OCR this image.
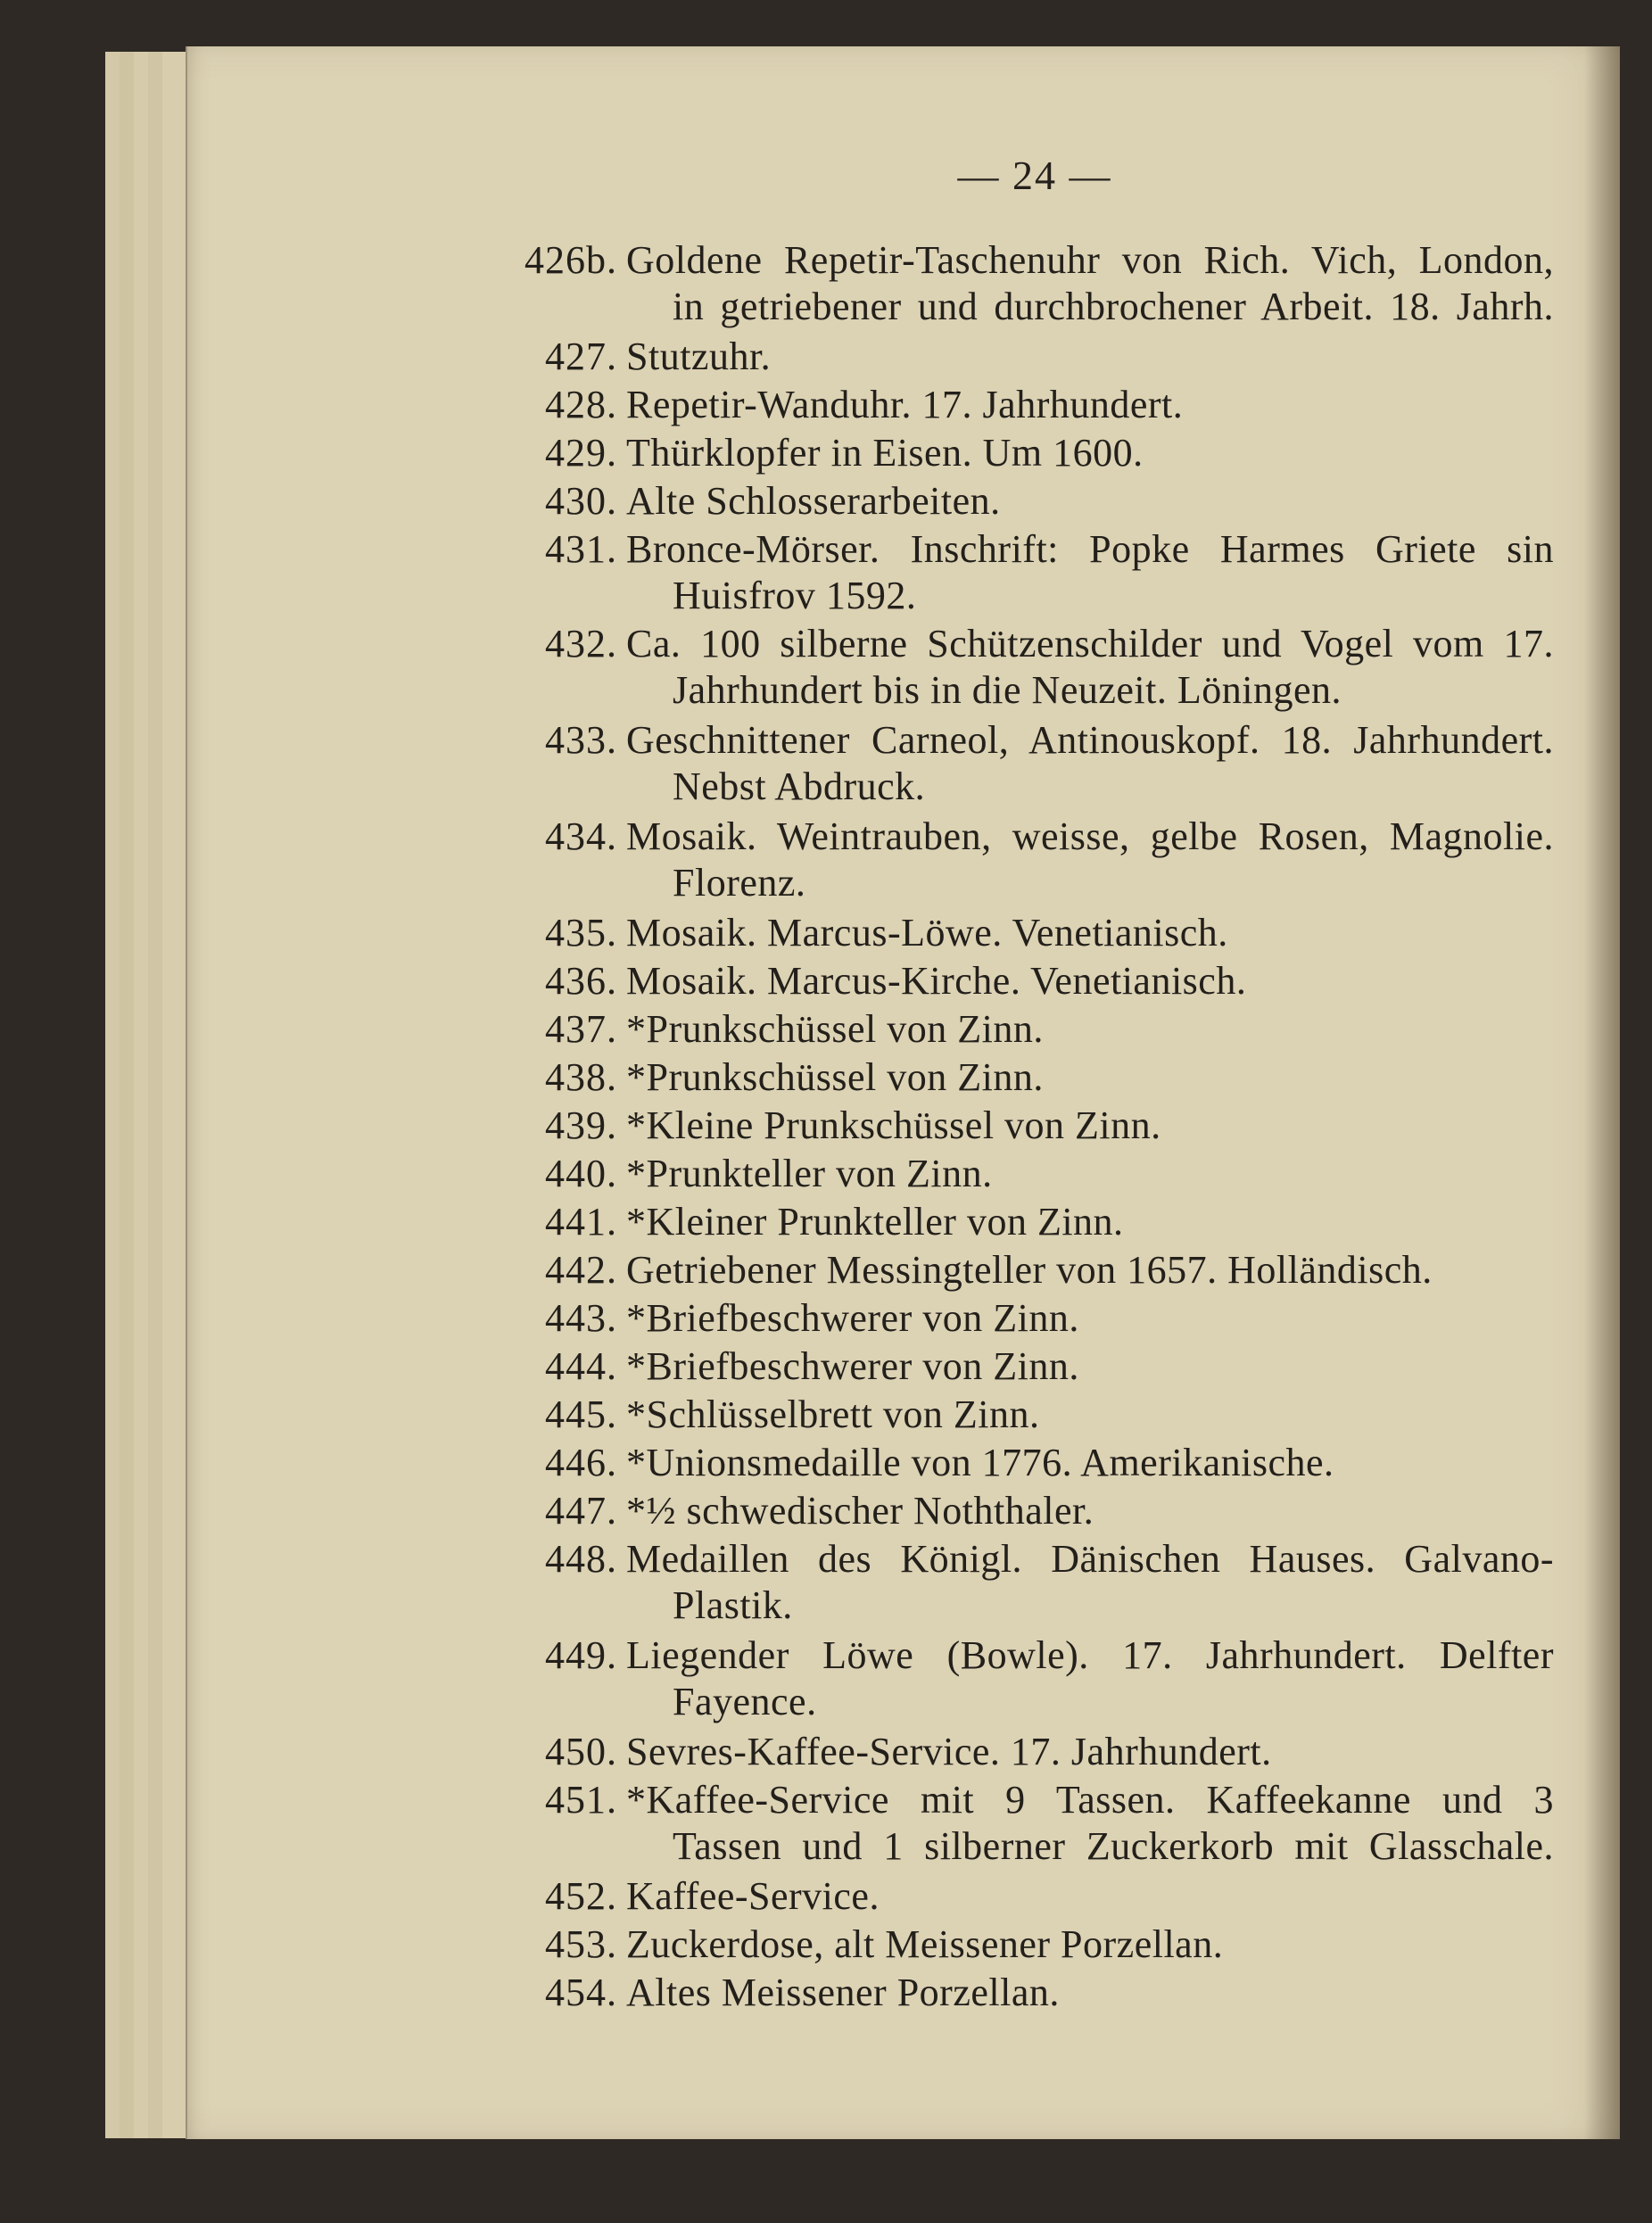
— 24 —
426b. Goldene Repetir-Taschenuhr von Rich. Vich, London,
in getriebener und durchbrochener Arbeit. 18. Jahrh.
427. Stutzuhr.
428. Repetir-Wanduhr. 17. Jahrhundert.
429. Thürklopfer in Eisen. Um 1600.
430. Alte Schlosserarbeiten.
431. Bronce-Mörser. Inschrift: Popke Harmes Griete sin
Huisfrov 1592.
432. Ca. 100 silberne Schützenschilder und Vogel vom 17.
Jahrhundert bis in die Neuzeit. Löningen.
433. Geschnittener Carneol, Antinouskopf. 18. Jahrhundert.
Nebst Abdruck.
434. Mosaik. Weintrauben, weisse, gelbe Rosen, Magnolie.
Florenz.
435. Mosaik. Marcus-Löwe. Venetianisch.
436. Mosaik. Marcus-Kirche. Venetianisch.
437. *Prunkschüssel von Zinn.
438. *Prunkschüssel von Zinn.
439. *Kleine Prunkschüssel von Zinn.
440. *Prunkteller von Zinn.
441. *Kleiner Prunkteller von Zinn.
442. Getriebener Messingteller von 1657. Holländisch.
443. *Briefbeschwerer von Zinn.
444. *Briefbeschwerer von Zinn.
445. *Schlüsselbrett von Zinn.
446. *Unionsmedaille von 1776. Amerikanische.
447. *½ schwedischer Noththaler.
448. Medaillen des Königl. Dänischen Hauses. Galvano-
Plastik.
449. Liegender Löwe (Bowle). 17. Jahrhundert. Delfter
Fayence.
450. Sevres-Kaffee-Service. 17. Jahrhundert.
451. *Kaffee-Service mit 9 Tassen. Kaffeekanne und 3
Tassen und 1 silberner Zuckerkorb mit Glasschale.
452. Kaffee-Service.
453. Zuckerdose, alt Meissener Porzellan.
454. Altes Meissener Porzellan.
